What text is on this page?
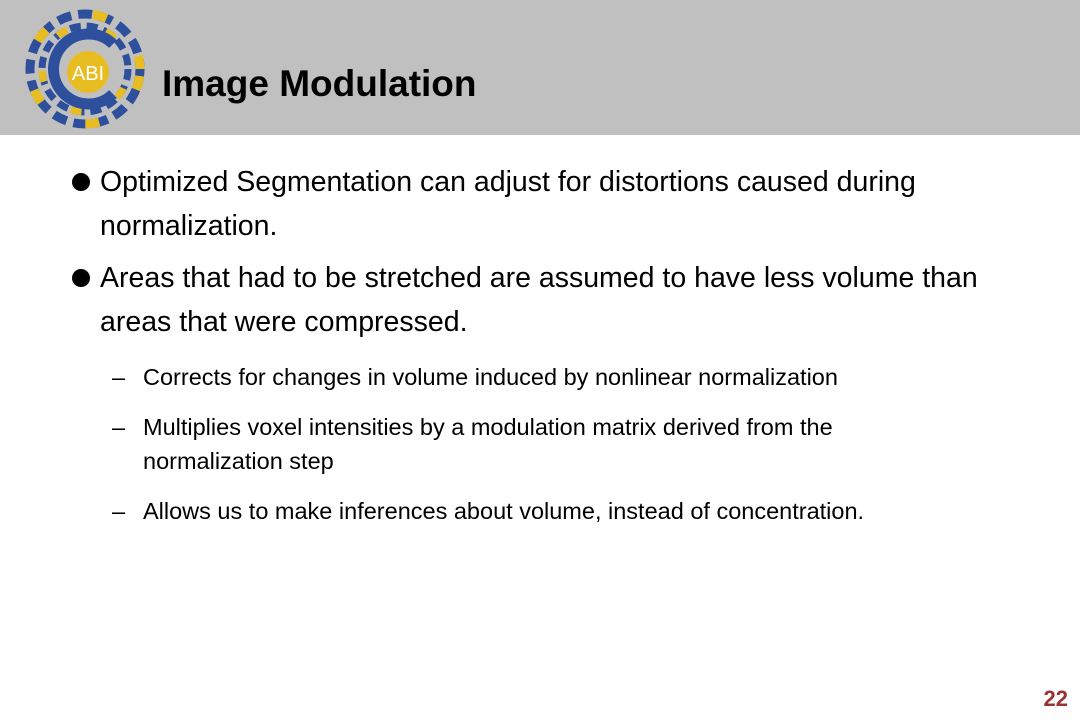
ABI Image Modulation
Optimized Segmentation can adjust for distortions caused during normalization.
Areas that had to be stretched are assumed to have less volume than areas that were compressed.
– Corrects for changes in volume induced by nonlinear normalization
– Multiplies voxel intensities by a modulation matrix derived from the normalization step
– Allows us to make inferences about volume, instead of concentration.
22
